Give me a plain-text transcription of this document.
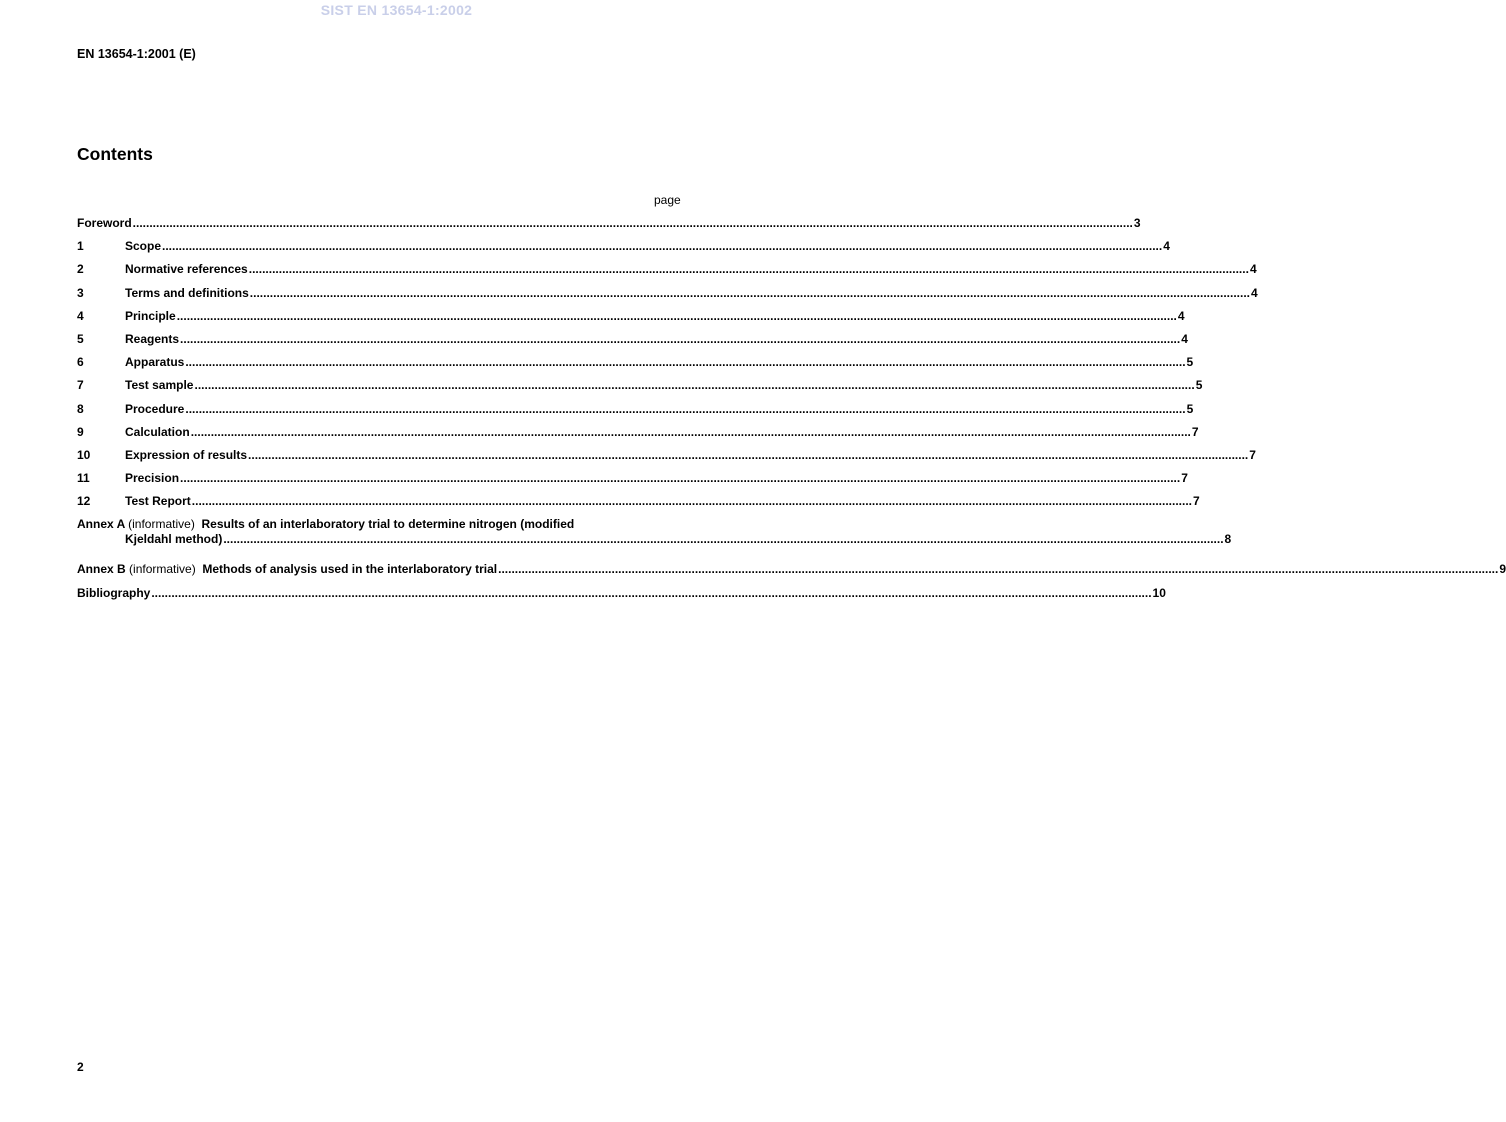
SIST EN 13654-1:2002
EN 13654-1:2001 (E)
Contents
page
Foreword ............................................................................................................................................................................................................................................................................................................ 3
1	Scope ............................................................................................................................................................................................................................................................................................................ 4
2	Normative references ............................................................................................................................................................................................................................................................................................................ 4
3	Terms and definitions ............................................................................................................................................................................................................................................................................................................ 4
4	Principle ............................................................................................................................................................................................................................................................................................................ 4
5	Reagents ............................................................................................................................................................................................................................................................................................................ 4
6	Apparatus ............................................................................................................................................................................................................................................................................................................ 5
7	Test sample ............................................................................................................................................................................................................................................................................................................ 5
8	Procedure ............................................................................................................................................................................................................................................................................................................ 5
9	Calculation ............................................................................................................................................................................................................................................................................................................ 7
10	Expression of results ............................................................................................................................................................................................................................................................................................................ 7
11	Precision ............................................................................................................................................................................................................................................................................................................ 7
12	Test Report ............................................................................................................................................................................................................................................................................................................ 7
Annex A (informative) Results of an interlaboratory trial to determine nitrogen (modified
Kjeldahl method) ............................................................................................................................................................................................................................................................................................................ 8
Annex B (informative) Methods of analysis used in the interlaboratory trial ............................................................................................................................................................................................................................................................................................................ 9
Bibliography ............................................................................................................................................................................................................................................................................................................ 10
2
